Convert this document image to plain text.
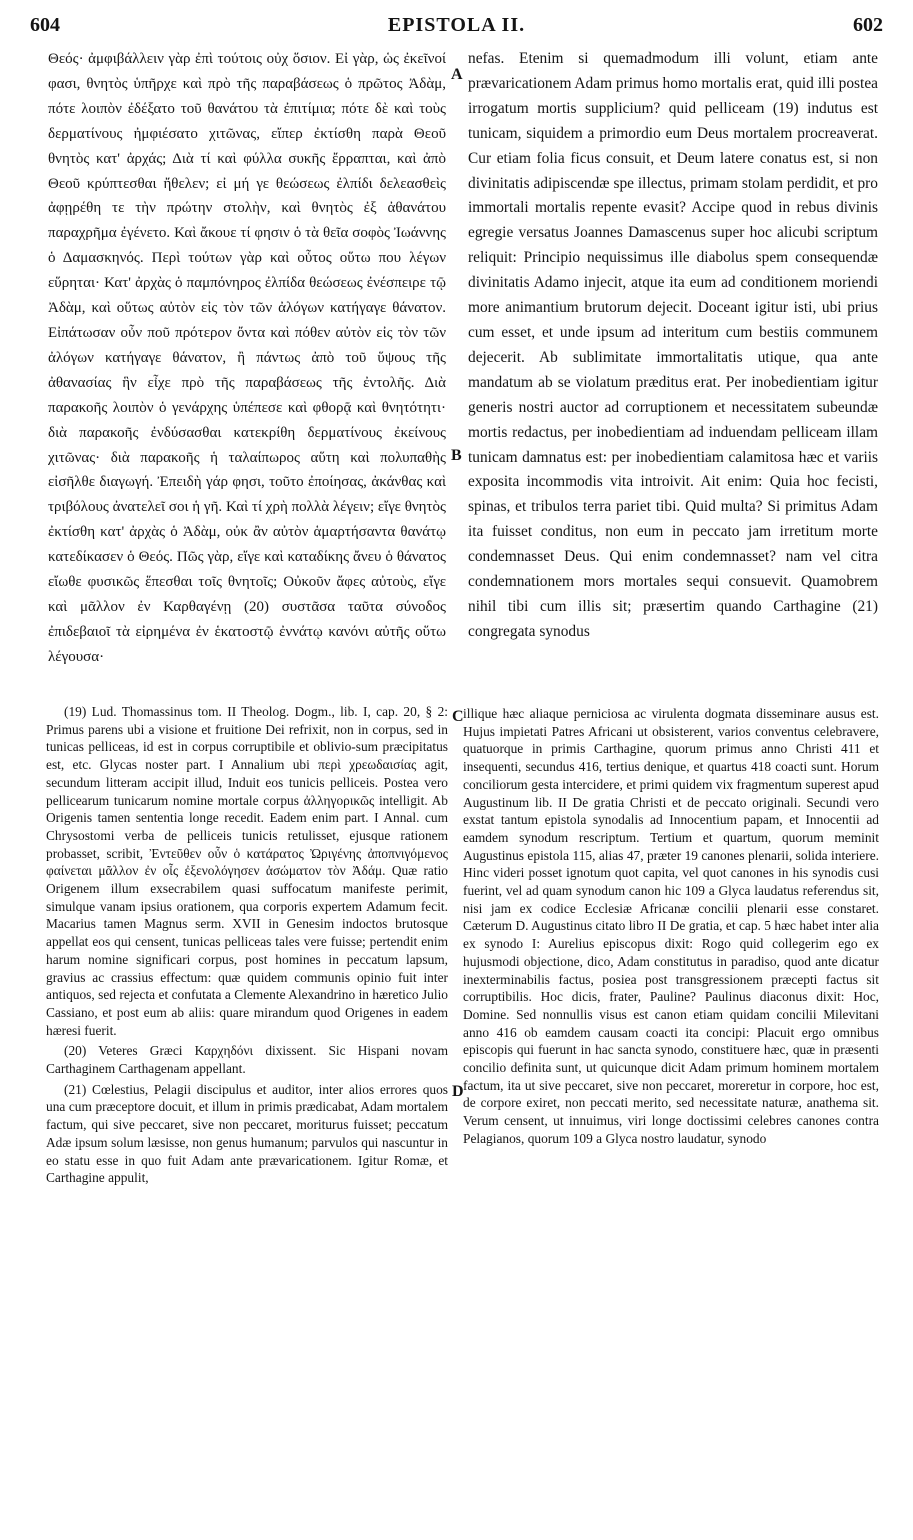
604	EPISTOLA II.	602

Θεός· ἀμφιβάλλειν γὰρ ἐπὶ τούτοις οὐχ ὅσιον. Εἰ γὰρ, ὡς ἐκεῖνοί φασι, θνητὸς ὑπῆρχε καὶ πρὸ τῆς παραβάσεως ὁ πρῶτος Ἀδὰμ, πότε λοιπὸν ἐδέξατο τοῦ θανάτου τὰ ἐπιτίμια; πότε δὲ καὶ τοὺς δερματίνους ἠμφιέσατο χιτῶνας, εἴπερ ἐκτίσθη παρὰ Θεοῦ θνητὸς κατ' ἀρχάς; Διὰ τί καὶ φύλλα συκῆς ἔρραπται, καὶ ἀπὸ Θεοῦ κρύπτεσθαι ἤθελεν; εἰ μή γε θεώσεως ἐλπίδι δελεασθεὶς ἀφῃρέθη τε τὴν πρώτην στολὴν, καὶ θνητὸς ἐξ ἀθανάτου παραχρῆμα ἐγένετο. Καὶ ἄκουε τί φησιν ὁ τὰ θεῖα σοφὸς Ἰωάννης ὁ Δαμασκηνός. Περὶ τούτων γὰρ καὶ οὗτος οὕτω που λέγων εὕρηται· Κατ' ἀρχὰς ὁ παμπόνηρος ἐλπίδα θεώσεως ἐνέσπειρε τῷ Ἀδὰμ, καὶ οὕτως αὐτὸν εἰς τὸν τῶν ἀλόγων κατήγαγε θάνατον. Εἰπάτωσαν οὖν ποῦ πρότερον ὄντα καὶ πόθεν αὐτὸν εἰς τὸν τῶν ἀλόγων κατήγαγε θάνατον, ἢ πάντως ἀπὸ τοῦ ὕψους τῆς ἀθανασίας ἣν εἶχε πρὸ τῆς παραβάσεως τῆς ἐντολῆς. Διὰ παρακοῆς λοιπὸν ὁ γενάρχης ὑπέπεσε καὶ φθορᾷ καὶ θνητότητι· διὰ παρακοῆς ἐνδύσασθαι κατεκρίθη δερματίνους ἐκείνους χιτῶνας· διὰ παρακοῆς ἡ ταλαίπωρος αὕτη καὶ πολυπαθὴς εἰσῆλθε διαγωγή. Ἐπειδὴ γάρ φησι, τοῦτο ἐποίησας, ἀκάνθας καὶ τριβόλους ἀνατελεῖ σοι ἡ γῆ. Καὶ τί χρὴ πολλὰ λέγειν; εἴγε θνητὸς ἐκτίσθη κατ' ἀρχὰς ὁ Ἀδὰμ, οὐκ ἂν αὐτὸν ἁμαρτήσαντα θανάτῳ κατεδίκασεν ὁ Θεός. Πῶς γὰρ, εἴγε καὶ καταδίκης ἄνευ ὁ θάνατος εἴωθε φυσικῶς ἕπεσθαι τοῖς θνητοῖς; Οὐκοῦν ἄφες αὐτοὺς, εἴγε καὶ μᾶλλον ἐν Καρθαγένῃ (20) συστᾶσα ταῦτα σύνοδος ἐπιδεβαιοῖ τὰ εἰρημένα ἐν ἑκατοστῷ ἐννάτῳ κανόνι αὐτῆς οὕτω λέγουσα·

nefas. Etenim si quemadmodum illi volunt, etiam ante prævaricationem Adam primus homo mortalis erat, quid illi postea irrogatum mortis supplicium? quid pelliceam (19) indutus est tunicam, siquidem a primordio eum Deus mortalem procreaverat. Cur etiam folia ficus consuit, et Deum latere conatus est, si non divinitatis adipiscendæ spe illectus, primam stolam perdidit, et pro immortali mortalis repente evasit? Accipe quod in rebus divinis egregie versatus Joannes Damascenus super hoc alicubi scriptum reliquit: Principio nequissimus ille diabolus spem consequendæ divinitatis Adamo injecit, atque ita eum ad conditionem moriendi more animantium brutorum dejecit. Doceant igitur isti, ubi prius cum esset, et unde ipsum ad interitum cum bestiis communem dejecerit. Ab sublimitate immortalitatis utique, qua ante mandatum ab se violatum præditus erat. Per inobedientiam igitur generis nostri auctor ad corruptionem et necessitatem subeundæ mortis redactus, per inobedientiam ad induendam pelliceam illam tunicam damnatus est: per inobedientiam calamitosa hæc et variis exposita incommodis vita introivit. Ait enim: Quia hoc fecisti, spinas, et tribulos terra pariet tibi. Quid multa? Si primitus Adam ita fuisset conditus, non eum in peccato jam irretitum morte condemnasset Deus. Qui enim condemnasset? nam vel citra condemnationem mors mortales sequi consuevit. Quamobrem nihil tibi cum illis sit; præsertim quando Carthagine (21) congregata synodus

A
B
C
D

(19) Lud. Thomassinus tom. II Theolog. Dogm., lib. I, cap. 20, § 2: Primus parens ubi a visione et fruitione Dei refrixit, non in corpus, sed in tunicas pelliceas, id est in corpus corruptibile et oblivio-sum præcipitatus est, etc. Glycas noster part. I Annalium ubi περὶ χρεωδαισίας agit, secundum litteram accipit illud, Induit eos tunicis pelliceis. Postea vero pellicearum tunicarum nomine mortale corpus ἀλληγορικῶς intelligit. Ab Origenis tamen sententia longe recedit. Eadem enim part. I Annal. cum Chrysostomi verba de pelliceis tunicis retulisset, ejusque rationem probasset, scribit, Ἐντεῦθεν οὖν ὁ κατάρατος Ὠριγένης ἀποπνιγόμενος φαίνεται μᾶλλον ἐν οἷς ἐξενολόγησεν ἀσώματον τὸν Ἀδάμ. Quæ ratio Origenem illum exsecrabilem quasi suffocatum manifeste perimit, simulque vanam ipsius orationem, qua corporis expertem Adamum fecit. Macarius tamen Magnus serm. XVII in Genesim indoctos brutosque appellat eos qui censent, tunicas pelliceas tales vere fuisse; pertendit enim harum nomine significari corpus, post homines in peccatum lapsum, gravius ac crassius effectum: quæ quidem communis opinio fuit inter antiquos, sed rejecta et confutata a Clemente Alexandrino in hæretico Julio Cassiano, et post eum ab aliis: quare mirandum quod Origenes in eadem hæresi fuerit.

(20) Veteres Græci Καρχηδόνι dixissent. Sic Hispani novam Carthaginem Carthagenam appellant.

(21) Cœlestius, Pelagii discipulus et auditor, inter alios errores quos una cum præceptore docuit, et illum in primis prædicabat, Adam mortalem factum, qui sive peccaret, sive non peccaret, moriturus fuisset; peccatum Adæ ipsum solum læsisse, non genus humanum; parvulos qui nascuntur in eo statu esse in quo fuit Adam ante prævaricationem. Igitur Romæ, et Carthagine appulit,

illique hæc aliaque perniciosa ac virulenta dogmata disseminare ausus est. Hujus impietati Patres Africani ut obsisterent, varios conventus celebravere, quatuorque in primis Carthagine, quorum primus anno Christi 411 et insequenti, secundus 416, tertius denique, et quartus 418 coacti sunt. Horum conciliorum gesta intercidere, et primi quidem vix fragmentum superest apud Augustinum lib. II De gratia Christi et de peccato originali. Secundi vero exstat tantum epistola synodalis ad Innocentium papam, et Innocentii ad eamdem synodum rescriptum. Tertium et quartum, quorum meminit Augustinus epistola 115, alias 47, præter 19 canones plenarii, solida interiere. Hinc videri posset ignotum quot capita, vel quot canones in his synodis cusi fuerint, vel ad quam synodum canon hic 109 a Glyca laudatus referendus sit, nisi jam ex codice Ecclesiæ Africanæ concilii plenarii esse constaret. Cæterum D. Augustinus citato libro II De gratia, et cap. 5 hæc habet inter alia ex synodo I: Aurelius episcopus dixit: Rogo quid collegerim ego ex hujusmodi objectione, dico, Adam constitutus in paradiso, quod ante dicatur inexterminabilis factus, posiea post transgressionem præcepti factus sit corruptibilis. Hoc dicis, frater, Pauline? Paulinus diaconus dixit: Hoc, Domine. Sed nonnullis visus est canon etiam quidam concilii Milevitani anno 416 ob eamdem causam coacti ita concipi: Placuit ergo omnibus episcopis qui fuerunt in hac sancta synodo, constituere hæc, quæ in præsenti concilio definita sunt, ut quicunque dicit Adam primum hominem mortalem factum, ita ut sive peccaret, sive non peccaret, moreretur in corpore, hoc est, de corpore exiret, non peccati merito, sed necessitate naturæ, anathema sit. Verum censent, ut innuimus, viri longe doctissimi celebres canones contra Pelagianos, quorum 109 a Glyca nostro laudatur, synodo
